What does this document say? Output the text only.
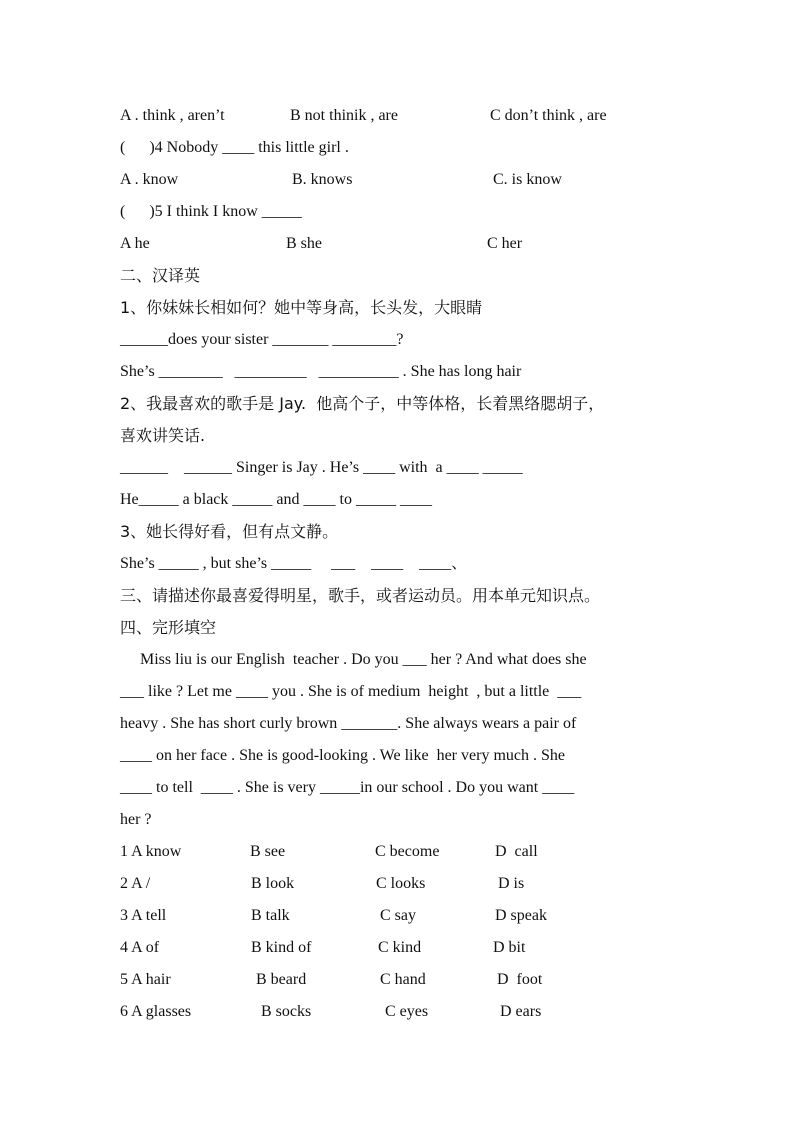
A . think , aren’t

	B not thinik , are

	C don’t think , are

(      )4 Nobody ____ this little girl .

A . know

	B. knows

	C. is know

(      )5 I think I know _____

A he

	B she

	C her

二、汉译英
1、你妹妹长相如何？她中等身高，长头发，大眼睛
______does your sister _______ ________?
She’s ________   _________   __________ . She has long hair
2、我最喜欢的歌手是 Jay.  他高个子，中等体格，长着黑络腮胡子，
喜欢讲笑话.
______    ______ Singer is Jay . He’s ____ with  a ____ _____
He_____ a black _____ and ____ to _____ ____
3、她长得好看，但有点文静。
She’s _____ , but she’s _____     ___    ____    ____、
三、请描述你最喜爱得明星，歌手，或者运动员。用本单元知识点。
四、完形填空
Miss liu is our English  teacher . Do you ___ her ? And what does she
___ like ? Let me ____ you . She is of medium  height  , but a little  ___
heavy . She has short curly brown _______. She always wears a pair of
____ on her face . She is good-looking . We like  her very much . She
____ to tell  ____ . She is very _____in our school . Do you want ____
her ?

1 A know

	B see

	C become

	D  call

2 A /

	B look

	C looks

	D is

3 A tell

	B talk

	C say

	D speak

4 A of

	B kind of

	C kind

	D bit

5 A hair

	B beard

	C hand

	D  foot

6 A glasses

	B socks

	C eyes

	D ears
